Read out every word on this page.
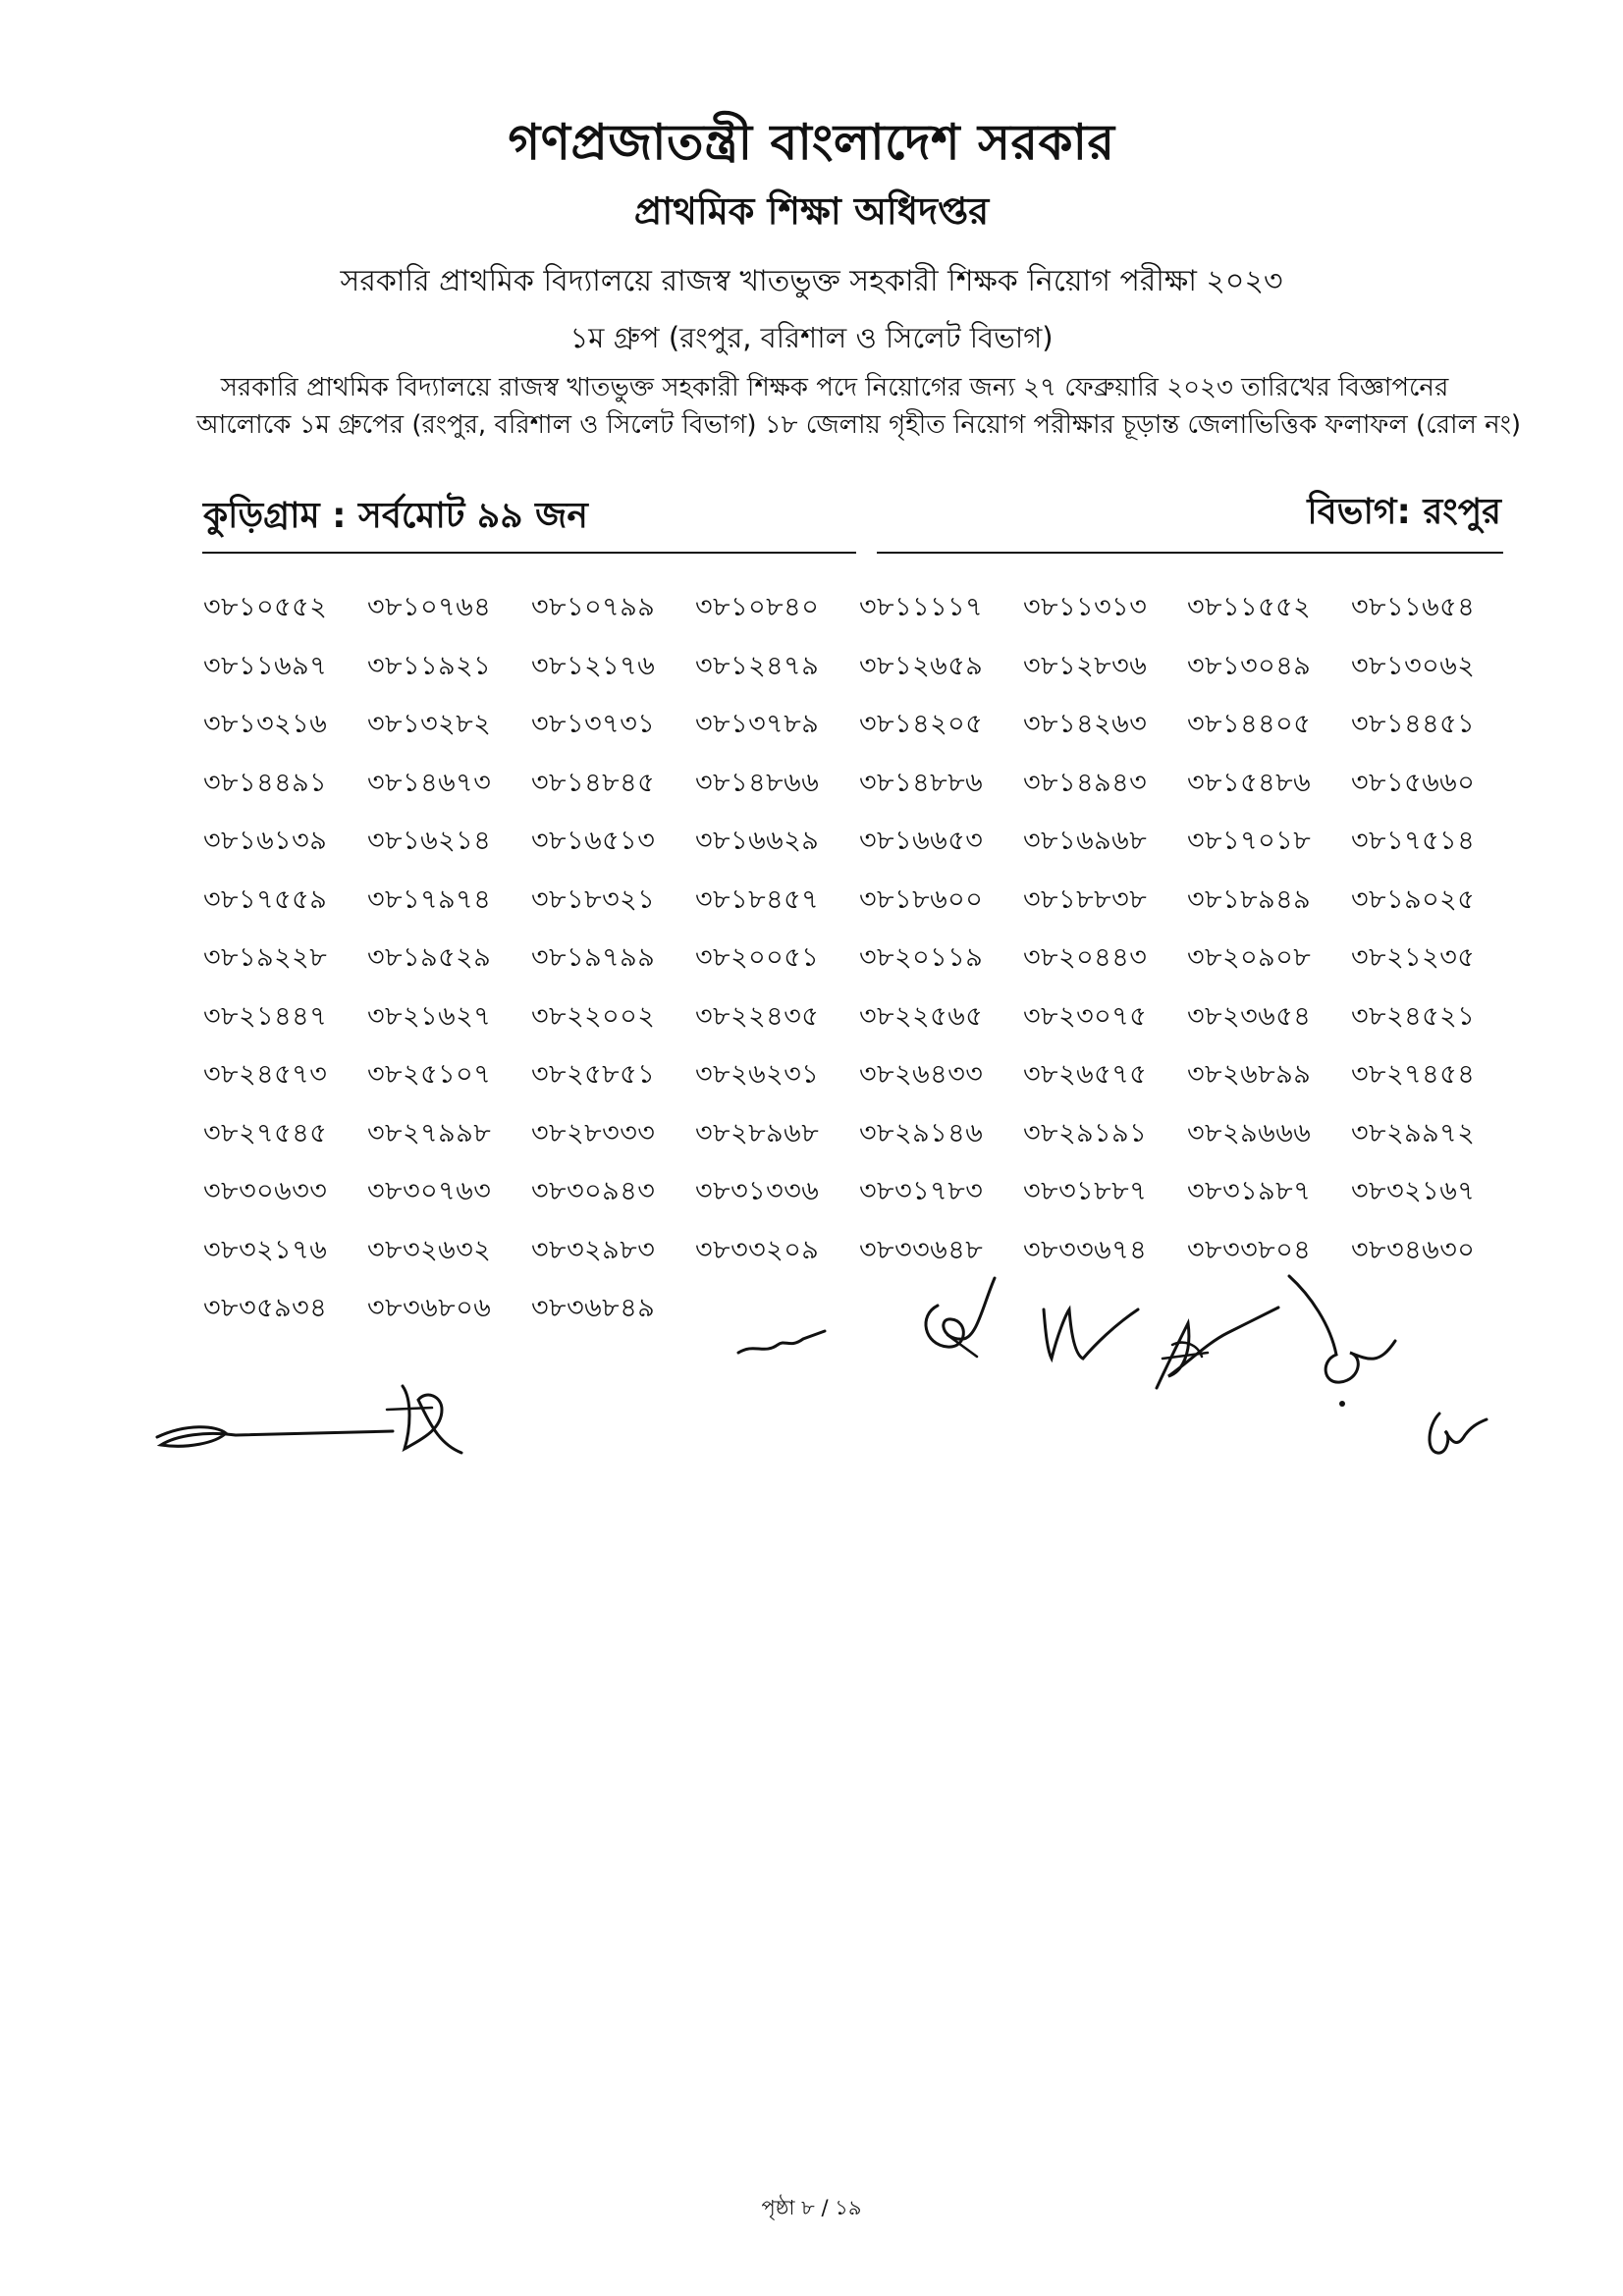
গণপ্রজাতন্ত্রী বাংলাদেশ সরকার
প্রাথমিক শিক্ষা অধিদপ্তর
সরকারি প্রাথমিক বিদ্যালয়ে রাজস্ব খাতভুক্ত সহকারী শিক্ষক নিয়োগ পরীক্ষা ২০২৩
১ম গ্রুপ (রংপুর, বরিশাল ও সিলেট বিভাগ)
সরকারি প্রাথমিক বিদ্যালয়ে রাজস্ব খাতভুক্ত সহকারী শিক্ষক পদে নিয়োগের জন্য ২৭ ফেব্রুয়ারি ২০২৩ তারিখের বিজ্ঞাপনের
আলোকে ১ম গ্রুপের (রংপুর, বরিশাল ও সিলেট বিভাগ) ১৮ জেলায় গৃহীত নিয়োগ পরীক্ষার চূড়ান্ত জেলাভিত্তিক ফলাফল (রোল নং)
কুড়িগ্রাম : সর্বমোট ৯৯ জন	বিভাগ: রংপুর
৩৮১০৫৫২	৩৮১০৭৬৪	৩৮১০৭৯৯	৩৮১০৮৪০	৩৮১১১১৭	৩৮১১৩১৩	৩৮১১৫৫২	৩৮১১৬৫৪
৩৮১১৬৯৭	৩৮১১৯২১	৩৮১২১৭৬	৩৮১২৪৭৯	৩৮১২৬৫৯	৩৮১২৮৩৬	৩৮১৩০৪৯	৩৮১৩০৬২
৩৮১৩২১৬	৩৮১৩২৮২	৩৮১৩৭৩১	৩৮১৩৭৮৯	৩৮১৪২০৫	৩৮১৪২৬৩	৩৮১৪৪০৫	৩৮১৪৪৫১
৩৮১৪৪৯১	৩৮১৪৬৭৩	৩৮১৪৮৪৫	৩৮১৪৮৬৬	৩৮১৪৮৮৬	৩৮১৪৯৪৩	৩৮১৫৪৮৬	৩৮১৫৬৬০
৩৮১৬১৩৯	৩৮১৬২১৪	৩৮১৬৫১৩	৩৮১৬৬২৯	৩৮১৬৬৫৩	৩৮১৬৯৬৮	৩৮১৭০১৮	৩৮১৭৫১৪
৩৮১৭৫৫৯	৩৮১৭৯৭৪	৩৮১৮৩২১	৩৮১৮৪৫৭	৩৮১৮৬০০	৩৮১৮৮৩৮	৩৮১৮৯৪৯	৩৮১৯০২৫
৩৮১৯২২৮	৩৮১৯৫২৯	৩৮১৯৭৯৯	৩৮২০০৫১	৩৮২০১১৯	৩৮২০৪৪৩	৩৮২০৯০৮	৩৮২১২৩৫
৩৮২১৪৪৭	৩৮২১৬২৭	৩৮২২০০২	৩৮২২৪৩৫	৩৮২২৫৬৫	৩৮২৩০৭৫	৩৮২৩৬৫৪	৩৮২৪৫২১
৩৮২৪৫৭৩	৩৮২৫১০৭	৩৮২৫৮৫১	৩৮২৬২৩১	৩৮২৬৪৩৩	৩৮২৬৫৭৫	৩৮২৬৮৯৯	৩৮২৭৪৫৪
৩৮২৭৫৪৫	৩৮২৭৯৯৮	৩৮২৮৩৩৩	৩৮২৮৯৬৮	৩৮২৯১৪৬	৩৮২৯১৯১	৩৮২৯৬৬৬	৩৮২৯৯৭২
৩৮৩০৬৩৩	৩৮৩০৭৬৩	৩৮৩০৯৪৩	৩৮৩১৩৩৬	৩৮৩১৭৮৩	৩৮৩১৮৮৭	৩৮৩১৯৮৭	৩৮৩২১৬৭
৩৮৩২১৭৬	৩৮৩২৬৩২	৩৮৩২৯৮৩	৩৮৩৩২০৯	৩৮৩৩৬৪৮	৩৮৩৩৬৭৪	৩৮৩৩৮০৪	৩৮৩৪৬৩০
৩৮৩৫৯৩৪	৩৮৩৬৮০৬	৩৮৩৬৮৪৯
পৃষ্ঠা ৮ / ১৯
